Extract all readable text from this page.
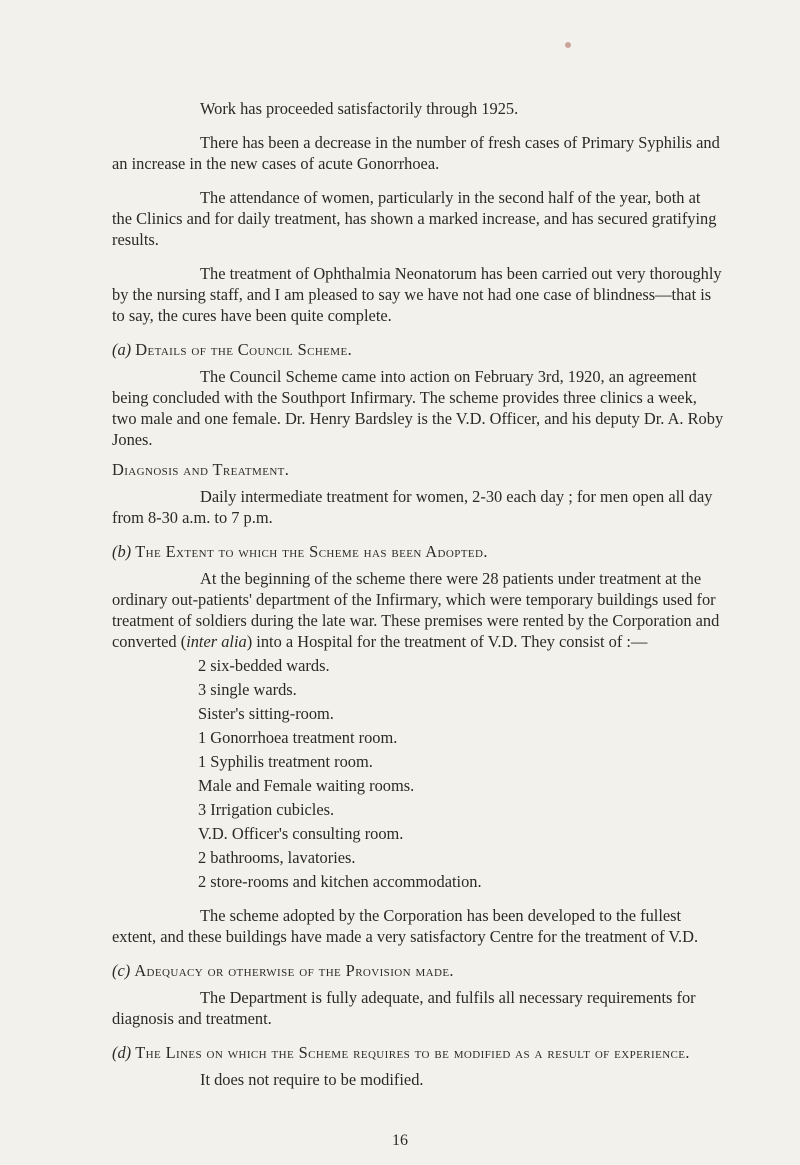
Work has proceeded satisfactorily through 1925.

There has been a decrease in the number of fresh cases of Primary Syphilis and an increase in the new cases of acute Gonorrhoea.

The attendance of women, particularly in the second half of the year, both at the Clinics and for daily treatment, has shown a marked increase, and has secured gratifying results.

The treatment of Ophthalmia Neonatorum has been carried out very thoroughly by the nursing staff, and I am pleased to say we have not had one case of blindness—that is to say, the cures have been quite complete.

(a) Details of the Council Scheme.

The Council Scheme came into action on February 3rd, 1920, an agreement being concluded with the Southport Infirmary. The scheme provides three clinics a week, two male and one female. Dr. Henry Bardsley is the V.D. Officer, and his deputy Dr. A. Roby Jones.

Diagnosis and Treatment.

Daily intermediate treatment for women, 2-30 each day ; for men open all day from 8-30 a.m. to 7 p.m.

(b) The Extent to which the Scheme has been Adopted.

At the beginning of the scheme there were 28 patients under treatment at the ordinary out-patients' department of the Infirmary, which were temporary buildings used for treatment of soldiers during the late war. These premises were rented by the Corporation and converted (inter alia) into a Hospital for the treatment of V.D. They consist of :—

2 six-bedded wards.

3 single wards.

Sister's sitting-room.

1 Gonorrhoea treatment room.

1 Syphilis treatment room.

Male and Female waiting rooms.

3 Irrigation cubicles.

V.D. Officer's consulting room.

2 bathrooms, lavatories.

2 store-rooms and kitchen accommodation.

The scheme adopted by the Corporation has been developed to the fullest extent, and these buildings have made a very satisfactory Centre for the treatment of V.D.

(c) Adequacy or otherwise of the Provision made.

The Department is fully adequate, and fulfils all necessary requirements for diagnosis and treatment.

(d) The Lines on which the Scheme requires to be modified as a result of experience.

It does not require to be modified.

16
